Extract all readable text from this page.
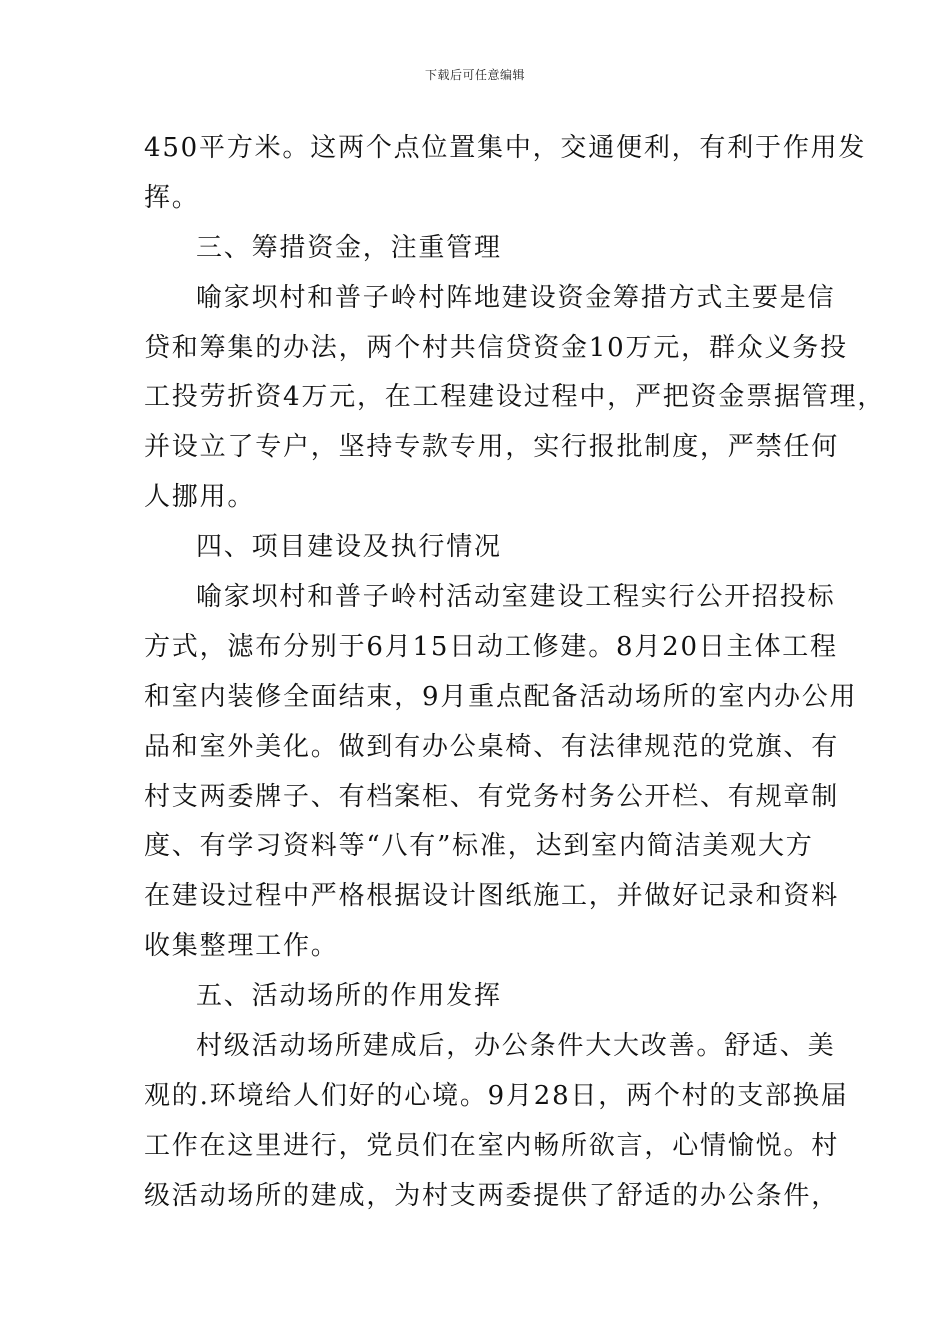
下载后可任意编辑
450平方米。这两个点位置集中，交通便利，有利于作用发
挥。
三、筹措资金，注重管理
喻家坝村和普子岭村阵地建设资金筹措方式主要是信
贷和筹集的办法，两个村共信贷资金10万元，群众义务投
工投劳折资4万元，在工程建设过程中，严把资金票据管理，
并设立了专户，坚持专款专用，实行报批制度，严禁任何
人挪用。
四、项目建设及执行情况
喻家坝村和普子岭村活动室建设工程实行公开招投标
方式，滤布分别于6月15日动工修建。8月20日主体工程
和室内装修全面结束，9月重点配备活动场所的室内办公用
品和室外美化。做到有办公桌椅、有法律规范的党旗、有
村支两委牌子、有档案柜、有党务村务公开栏、有规章制
度、有学习资料等“八有”标准，达到室内简洁美观大方
在建设过程中严格根据设计图纸施工，并做好记录和资料
收集整理工作。
五、活动场所的作用发挥
村级活动场所建成后，办公条件大大改善。舒适、美
观的.环境给人们好的心境。9月28日，两个村的支部换届
工作在这里进行，党员们在室内畅所欲言，心情愉悦。村
级活动场所的建成，为村支两委提供了舒适的办公条件，
